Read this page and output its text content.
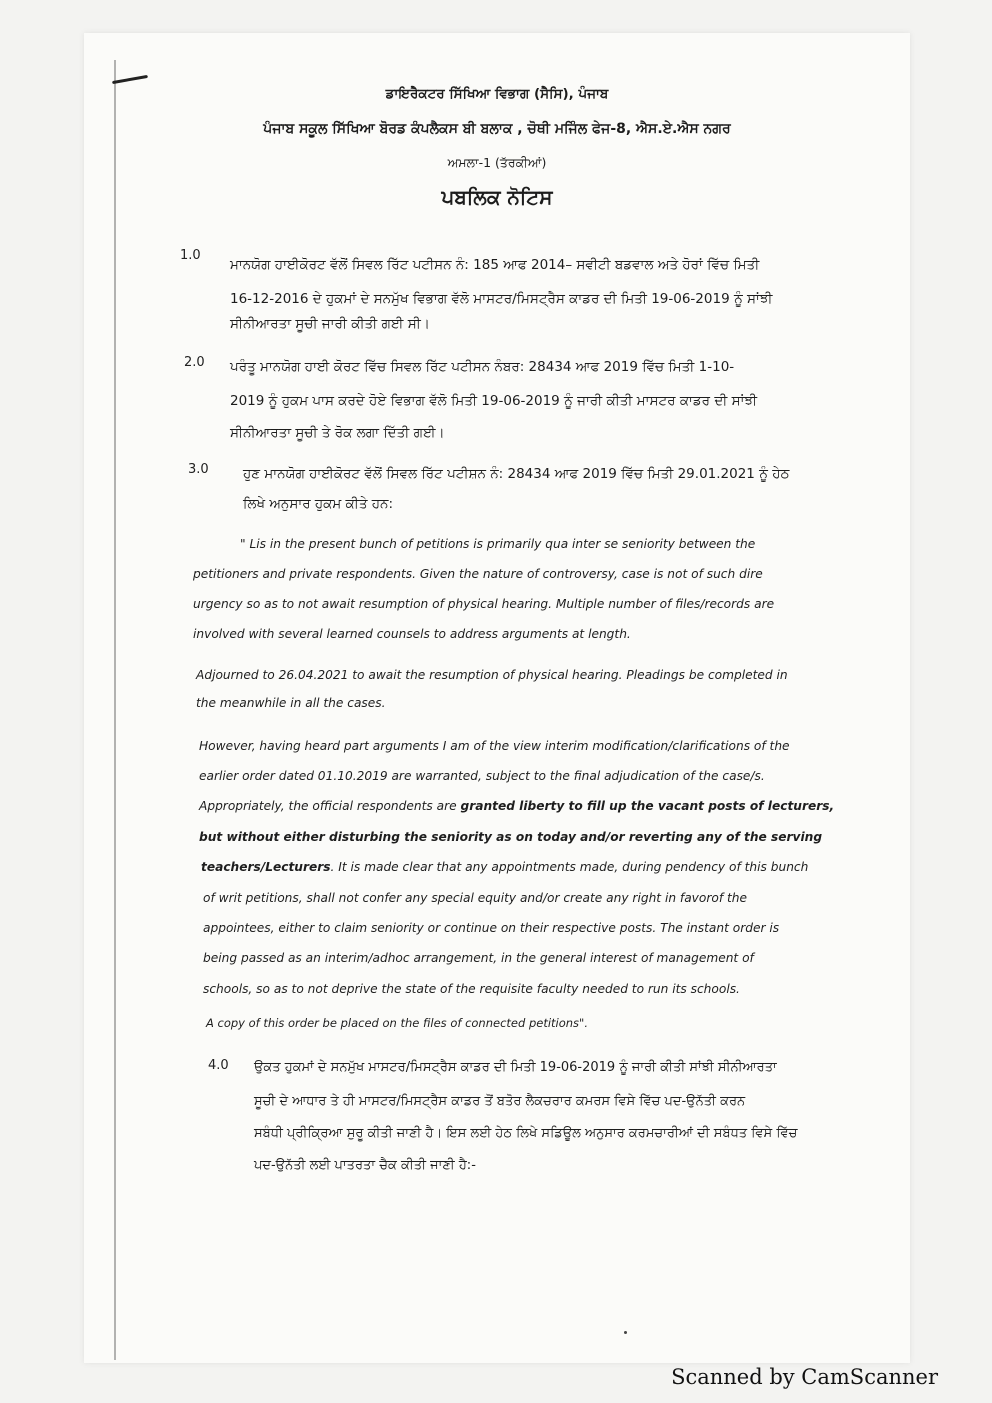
ਡਾਇਰੈਕਟਰ ਸਿੱਖਿਆ ਵਿਭਾਗ (ਸੈਸਿ), ਪੰਜਾਬ
ਪੰਜਾਬ ਸਕੂਲ ਸਿੱਖਿਆ ਬੋਰਡ ਕੰਪਲੈਕਸ ਬੀ ਬਲਾਕ , ਚੋਥੀ ਮਜਿੰਲ ਫੇਜ-8, ਐਸ.ਏ.ਐਸ ਨਗਰ
ਅਮਲਾ-1 (ਤੱਰਕੀਆਂ)
ਪਬਲਿਕ ਨੋਟਿਸ
1.0
ਮਾਨਯੋਗ ਹਾਈਕੋਰਟ ਵੱਲੋਂ ਸਿਵਲ ਰਿੱਟ ਪਟੀਸਨ ਨੰ: 185 ਆਫ 2014– ਸਵੀਟੀ ਬਡਵਾਲ ਅਤੇ ਹੋਰਾਂ ਵਿੱਚ ਮਿਤੀ
16-12-2016 ਦੇ ਹੁਕਮਾਂ ਦੇ ਸਨਮੁੱਖ ਵਿਭਾਗ ਵੱਲੋ ਮਾਸਟਰ/ਮਿਸਟ੍ਰੈਸ ਕਾਡਰ ਦੀ ਮਿਤੀ 19-06-2019 ਨੂੰ ਸਾਂਝੀ
ਸੀਨੀਆਰਤਾ ਸੂਚੀ ਜਾਰੀ ਕੀਤੀ ਗਈ ਸੀ।
2.0 ਪਰੰਤੂ ਮਾਨਯੋਗ ਹਾਈ ਕੋਰਟ ਵਿੱਚ ਸਿਵਲ ਰਿੱਟ ਪਟੀਸਨ ਨੰਬਰ: 28434 ਆਫ 2019 ਵਿੱਚ ਮਿਤੀ 1-10-
2019 ਨੂੰ ਹੁਕਮ ਪਾਸ ਕਰਦੇ ਹੋਏ ਵਿਭਾਗ ਵੱਲੋ ਮਿਤੀ 19-06-2019 ਨੂੰ ਜਾਰੀ ਕੀਤੀ ਮਾਸਟਰ ਕਾਡਰ ਦੀ ਸਾਂਝੀ
ਸੀਨੀਆਰਤਾ ਸੂਚੀ ਤੇ ਰੋਕ ਲਗਾ ਦਿੱਤੀ ਗਈ।
3.0	ਹੁਣ ਮਾਨਯੋਗ ਹਾਈਕੋਰਟ ਵੱਲੋਂ ਸਿਵਲ ਰਿੱਟ ਪਟੀਸ਼ਨ ਨੰ: 28434 ਆਫ 2019 ਵਿੱਚ ਮਿਤੀ 29.01.2021 ਨੂੰ ਹੇਠ
ਲਿਖੇ ਅਨੁਸਾਰ ਹੁਕਮ ਕੀਤੇ ਹਨ:
" Lis in the present bunch of petitions is primarily qua inter se seniority between the
petitioners and private respondents. Given the nature of controversy, case is not of such dire
urgency so as to not await resumption of physical hearing. Multiple number of files/records are
involved with several learned counsels to address arguments at length.
Adjourned to 26.04.2021 to await the resumption of physical hearing. Pleadings be completed in
the meanwhile in all the cases.
However, having heard part arguments I am of the view interim modification/clarifications of the
earlier order dated 01.10.2019 are warranted, subject to the final adjudication of the case/s.
Appropriately, the official respondents are granted liberty to fill up the vacant posts of lecturers,
but without either disturbing the seniority as on today and/or reverting any of the serving
teachers/Lecturers. It is made clear that any appointments made, during pendency of this bunch
of writ petitions, shall not confer any special equity and/or create any right in favorof the
appointees, either to claim seniority or continue on their respective posts. The instant order is
being passed as an interim/adhoc arrangement, in the general interest of management of
schools, so as to not deprive the state of the requisite faculty needed to run its schools.
A copy of this order be placed on the files of connected petitions".
4.0 ਉਕਤ ਹੁਕਮਾਂ ਦੇ ਸਨਮੁੱਖ ਮਾਸਟਰ/ਮਿਸਟ੍ਰੈਸ ਕਾਡਰ ਦੀ ਮਿਤੀ 19-06-2019 ਨੂੰ ਜਾਰੀ ਕੀਤੀ ਸਾਂਝੀ ਸੀਨੀਆਰਤਾ
ਸੂਚੀ ਦੇ ਆਧਾਰ ਤੇ ਹੀ ਮਾਸਟਰ/ਮਿਸਟ੍ਰੈਸ ਕਾਡਰ ਤੋਂ ਬਤੋਰ ਲੈਕਚਰਾਰ ਕਮਰਸ ਵਿਸੇ ਵਿੱਚ ਪਦ-ਉਨੱਤੀ ਕਰਨ
ਸਬੰਧੀ ਪ੍ਰੀਕ੍ਰਿਆ ਸੁਰੂ ਕੀਤੀ ਜਾਣੀ ਹੈ। ਇਸ ਲਈ ਹੇਠ ਲਿਖੇ ਸਡਿਊਲ ਅਨੁਸਾਰ ਕਰਮਚਾਰੀਆਂ ਦੀ ਸਬੰਧਤ ਵਿਸੇ ਵਿੱਚ
ਪਦ-ਉਨੱਤੀ ਲਈ ਪਾਤਰਤਾ ਚੈਕ ਕੀਤੀ ਜਾਣੀ ਹੈ:-
Scanned by CamScanner
